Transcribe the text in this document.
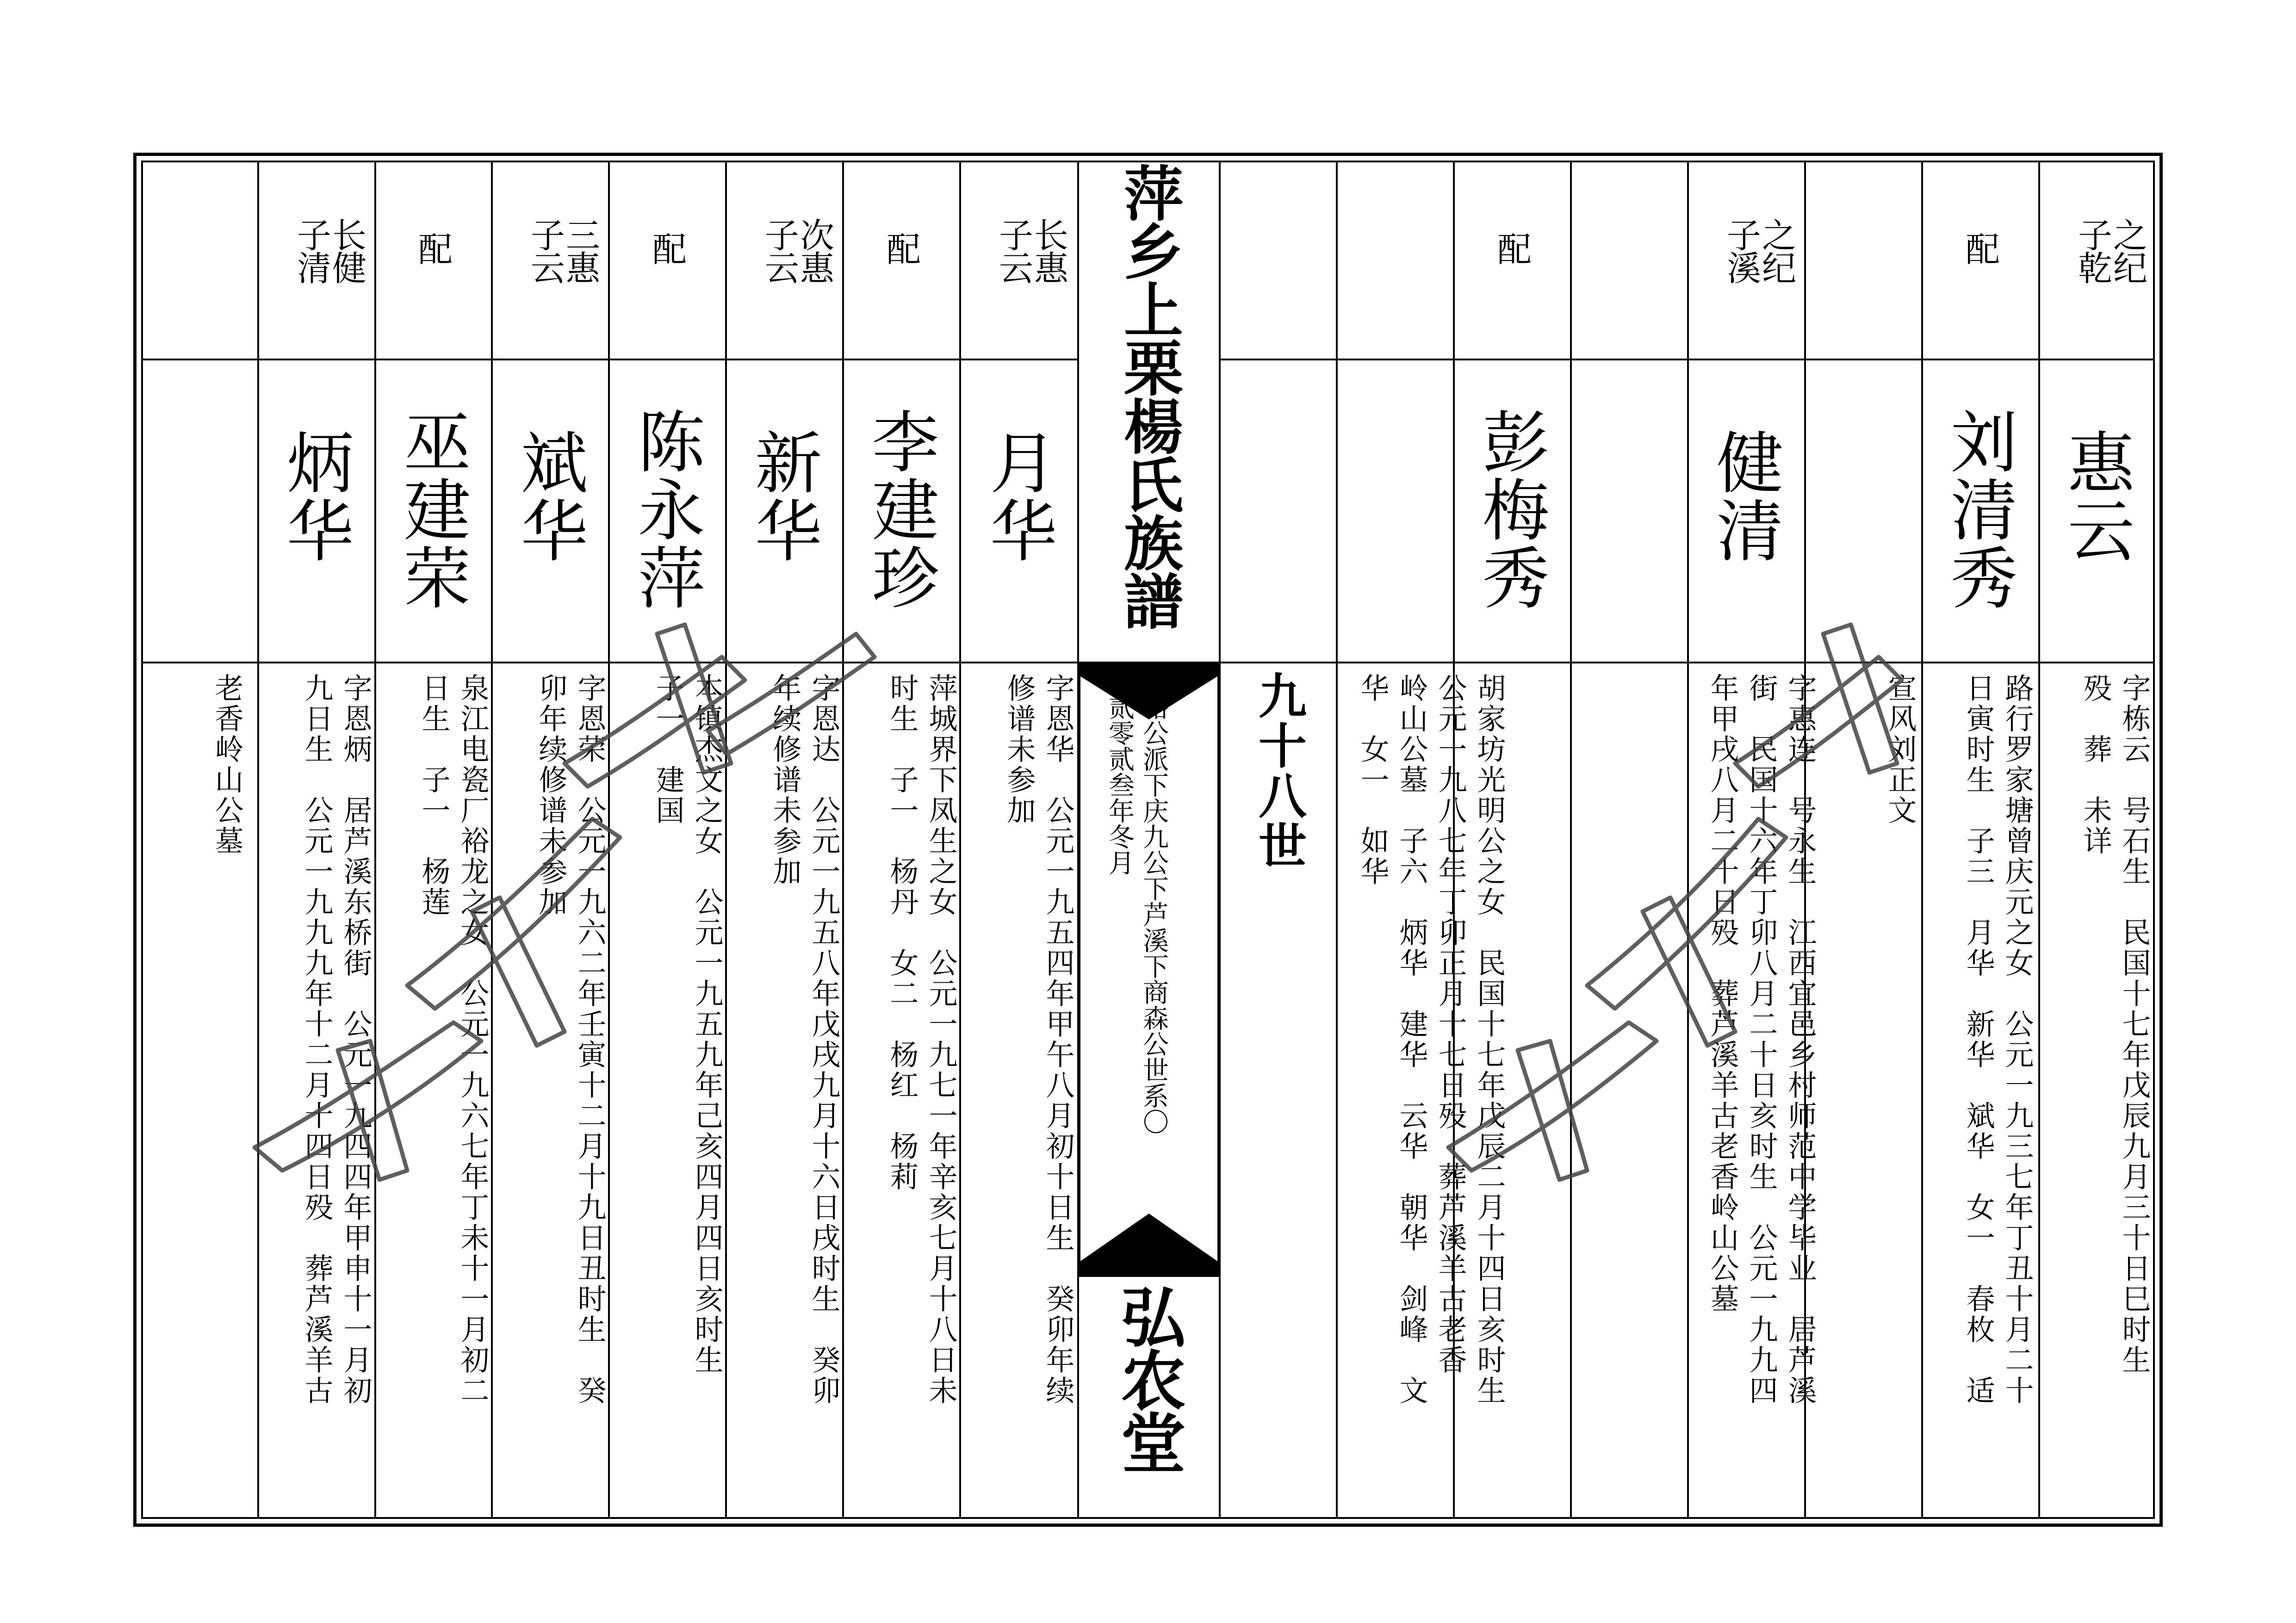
萍乡上栗楊氏族譜
辂公派下庆九公下芦溪下商森公世系〇
贰零贰叁年冬月
弘农堂
九十八世
之纪
子乾
配
之纪
子溪
配
长惠
子云
配
次惠
子云
配
三惠
子云
配
长健
子清
惠云
刘清秀
健清
彭梅秀
月华
李建珍
新华
陈永萍
斌华
巫建荣
炳华
字栋云　号石生　民国十七年戊辰九月三十日巳时生
殁　葬　未详
路行罗家塘曾庆元之女　公元一九三七年丁丑十月二十
日寅时生　子三　月华　新华　斌华　女一　春枚　适
宣风刘正文
字惠连　号永生　江西宜邑乡村师范中学毕业　居芦溪
街　民国十六年丁卯八月二十日亥时生　公元一九九四
年甲戌八月二十日殁　葬芦溪羊古老香岭山公墓
胡家坊光明公之女　民国十七年戊辰二月十四日亥时生
公元一九八七年丁卯正月十七日殁　葬芦溪羊古老香
岭山公墓　子六　炳华　建华　云华　朝华　剑峰　文
华　女一　如华
字恩华　公元一九五四年甲午八月初十日生　癸卯年续
修谱未参加
萍城界下凤生之女　公元一九七一年辛亥七月十八日未
时生　子一　杨丹　女二　杨红　杨莉
字恩达　公元一九五八年戊戌九月十六日戌时生　癸卯
年续修谱未参加
本镇杰文之女　公元一九五九年己亥四月四日亥时生
子一　建国
字恩荣　公元一九六二年壬寅十二月十九日丑时生　癸
卯年续修谱未参加
泉江电瓷厂裕龙之女　公元一九六七年丁未十一月初二
日生　子一　杨莲
字恩炳　居芦溪东桥街　公元一九四四年甲申十一月初
九日生　公元一九九九年十二月十四日殁　葬芦溪羊古
老香岭山公墓
